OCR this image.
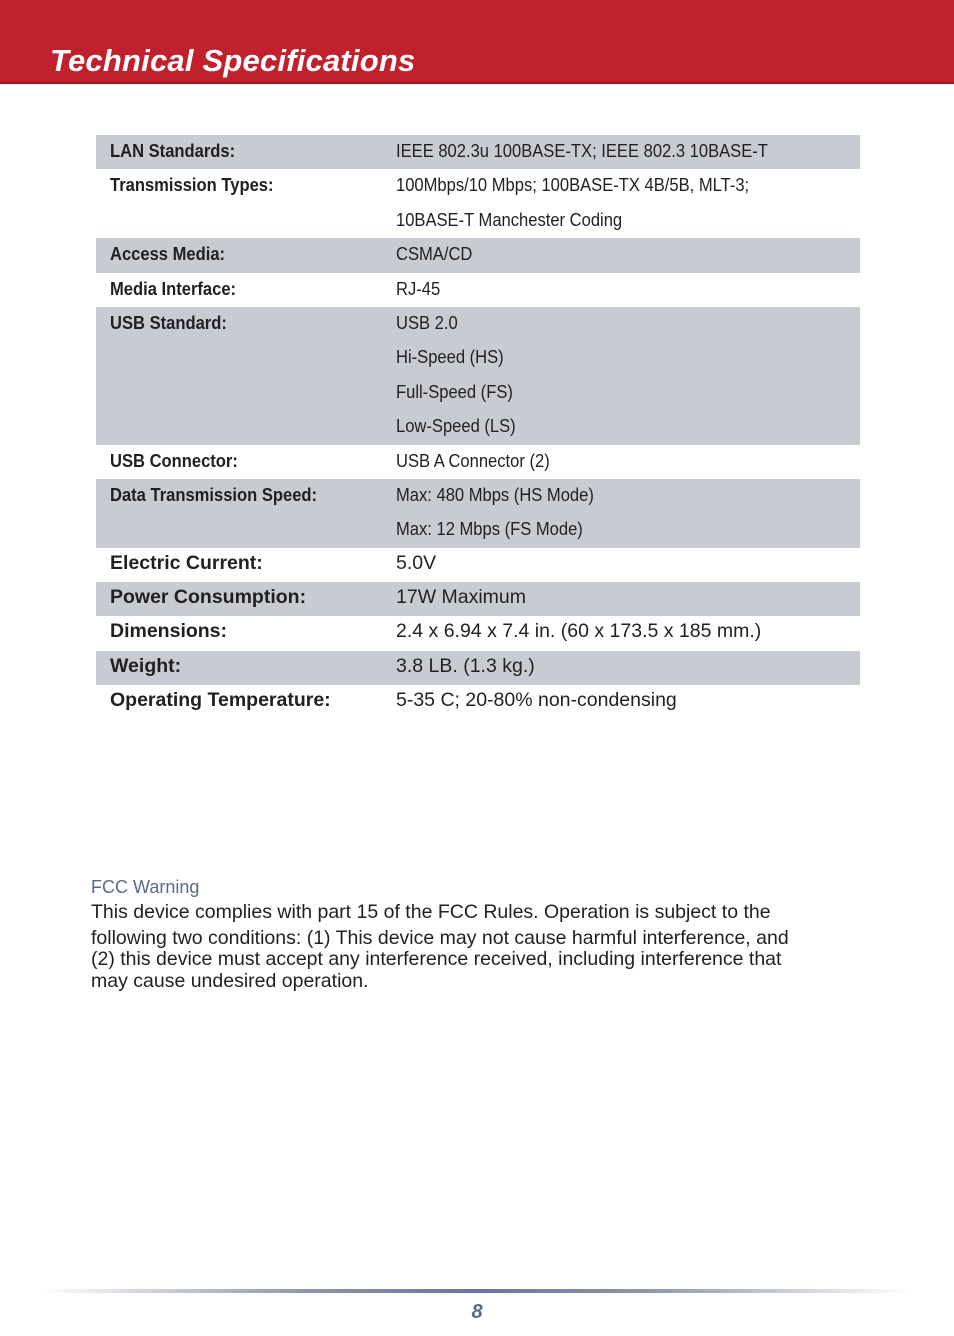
Technical Specifications
LAN Standards:	IEEE 802.3u 100BASE-TX; IEEE 802.3 10BASE-T
Transmission Types:	100Mbps/10 Mbps; 100BASE-TX 4B/5B, MLT-3;
10BASE-T Manchester Coding
Access Media:	CSMA/CD
Media Interface:	RJ-45
USB Standard:	USB 2.0
Hi-Speed (HS)
Full-Speed (FS)
Low-Speed (LS)
USB Connector:	USB A Connector (2)
Data Transmission Speed:	Max: 480 Mbps (HS Mode)
Max: 12 Mbps (FS Mode)
Electric Current:	5.0V
Power Consumption:	17W Maximum
Dimensions:	2.4 x 6.94 x 7.4 in. (60 x 173.5 x 185 mm.)
Weight:	3.8 LB. (1.3 kg.)
Operating Temperature:	5-35 C; 20-80% non-condensing
FCC Warning
This device complies with part 15 of the FCC Rules. Operation is subject to the
following two conditions: (1) This device may not cause harmful interference, and
(2) this device must accept any interference received, including interference that
may cause undesired operation.
8
